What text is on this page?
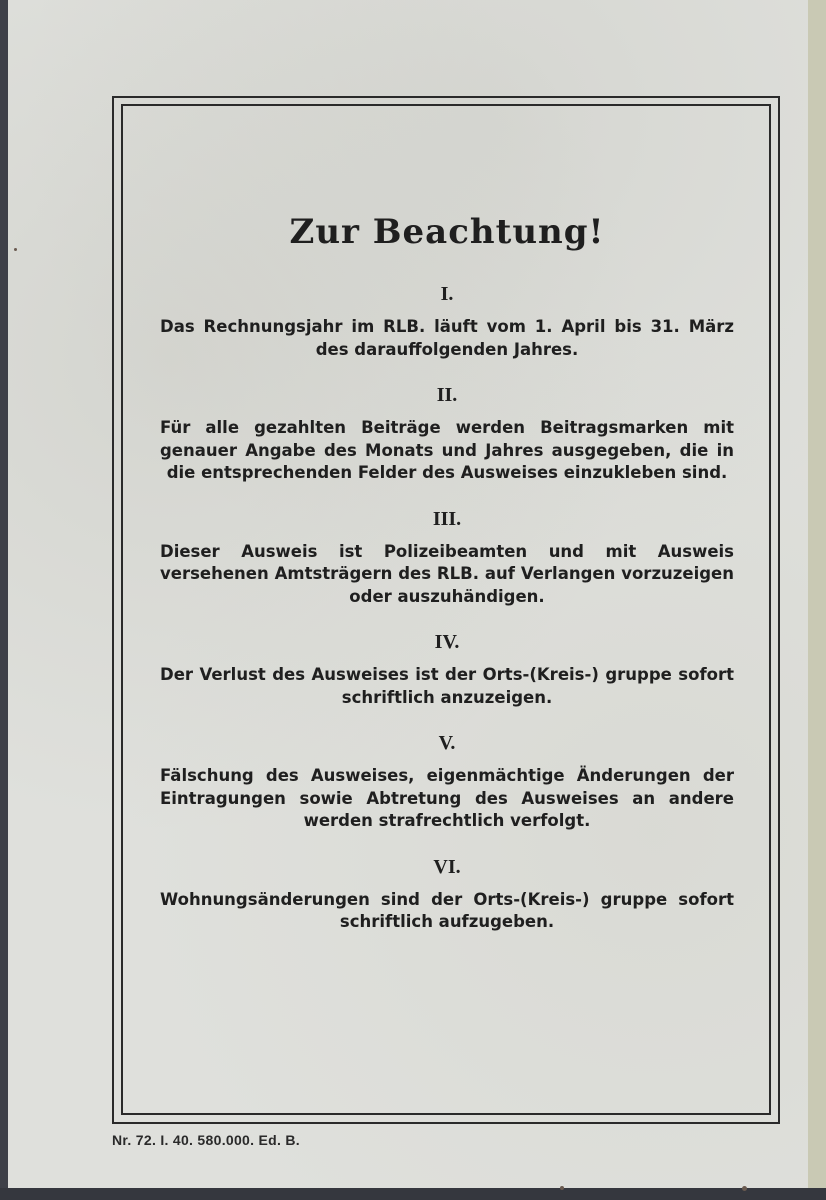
Zur Beachtung!
I.
Das Rechnungsjahr im RLB. läuft vom 1. April bis 31. März des darauffolgenden Jahres.
II.
Für alle gezahlten Beiträge werden Beitragsmarken mit genauer Angabe des Monats und Jahres ausgegeben, die in die entsprechenden Felder des Ausweises einzukleben sind.
III.
Dieser Ausweis ist Polizeibeamten und mit Ausweis versehenen Amtsträgern des RLB. auf Verlangen vorzuzeigen oder auszuhändigen.
IV.
Der Verlust des Ausweises ist der Orts-(Kreis-) gruppe sofort schriftlich anzuzeigen.
V.
Fälschung des Ausweises, eigenmächtige Änderungen der Eintragungen sowie Abtretung des Ausweises an andere werden strafrechtlich verfolgt.
VI.
Wohnungsänderungen sind der Orts-(Kreis-) gruppe sofort schriftlich aufzugeben.
Nr. 72. I. 40. 580.000. Ed. B.
